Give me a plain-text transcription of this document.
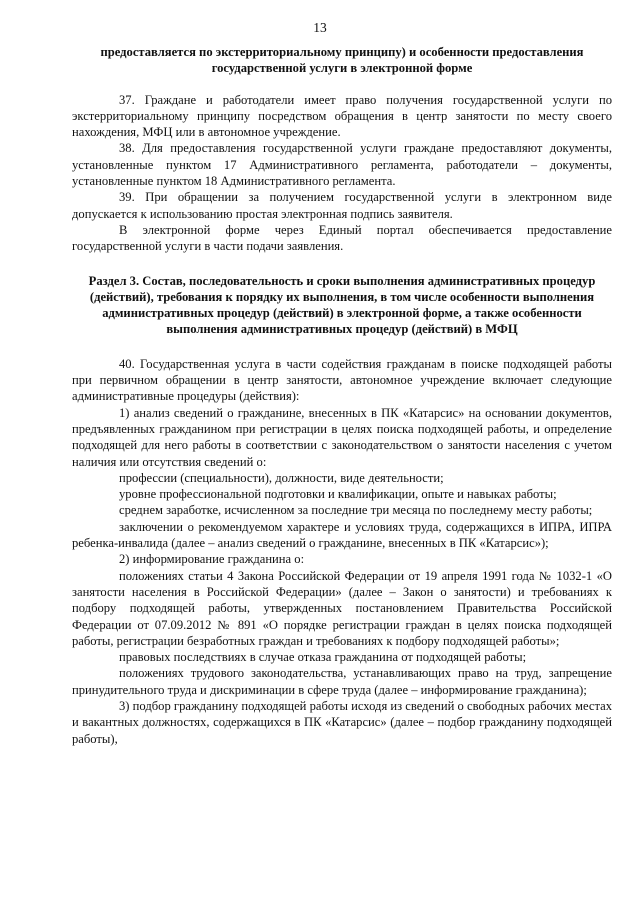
13

предоставляется по экстерриториальному принципу) и особенности предоставления государственной услуги в электронной форме

37. Граждане и работодатели имеет право получения государственной услуги по экстерриториальному принципу посредством обращения в центр занятости по месту своего нахождения, МФЦ или в автономное учреждение.

38. Для предоставления государственной услуги граждане предоставляют документы, установленные пунктом 17 Административного регламента, работодатели – документы, установленные пунктом 18 Административного регламента.

39. При обращении за получением государственной услуги в электронном виде допускается к использованию простая электронная подпись заявителя.

В электронной форме через Единый портал обеспечивается предоставление государственной услуги в части подачи заявления.

Раздел 3. Состав, последовательность и сроки выполнения административных процедур (действий), требования к порядку их выполнения, в том числе особенности выполнения административных процедур (действий) в электронной форме, а также особенности выполнения административных процедур (действий) в МФЦ

40. Государственная услуга в части содействия гражданам в поиске подходящей работы при первичном обращении в центр занятости, автономное учреждение включает следующие административные процедуры (действия):

1) анализ сведений о гражданине, внесенных в ПК «Катарсис» на основании документов, предъявленных гражданином при регистрации в целях поиска подходящей работы, и определение подходящей для него работы в соответствии с законодательством о занятости населения с учетом наличия или отсутствия сведений о:

профессии (специальности), должности, виде деятельности;

уровне профессиональной подготовки и квалификации, опыте и навыках работы;

среднем заработке, исчисленном за последние три месяца по последнему месту работы;

заключении о рекомендуемом характере и условиях труда, содержащихся в ИПРА, ИПРА ребенка-инвалида (далее – анализ сведений о гражданине, внесенных в ПК «Катарсис»);

2) информирование гражданина о:

положениях статьи 4 Закона Российской Федерации от 19 апреля 1991 года № 1032-1 «О занятости населения в Российской Федерации» (далее – Закон о занятости) и требованиях к подбору подходящей работы, утвержденных постановлением Правительства Российской Федерации от 07.09.2012 № 891 «О порядке регистрации граждан в целях поиска подходящей работы, регистрации безработных граждан и требованиях к подбору подходящей работы»;

правовых последствиях в случае отказа гражданина от подходящей работы;

положениях трудового законодательства, устанавливающих право на труд, запрещение принудительного труда и дискриминации в сфере труда (далее – информирование гражданина);

3) подбор гражданину подходящей работы исходя из сведений о свободных рабочих местах и вакантных должностях, содержащихся в ПК «Катарсис» (далее – подбор гражданину подходящей работы),
